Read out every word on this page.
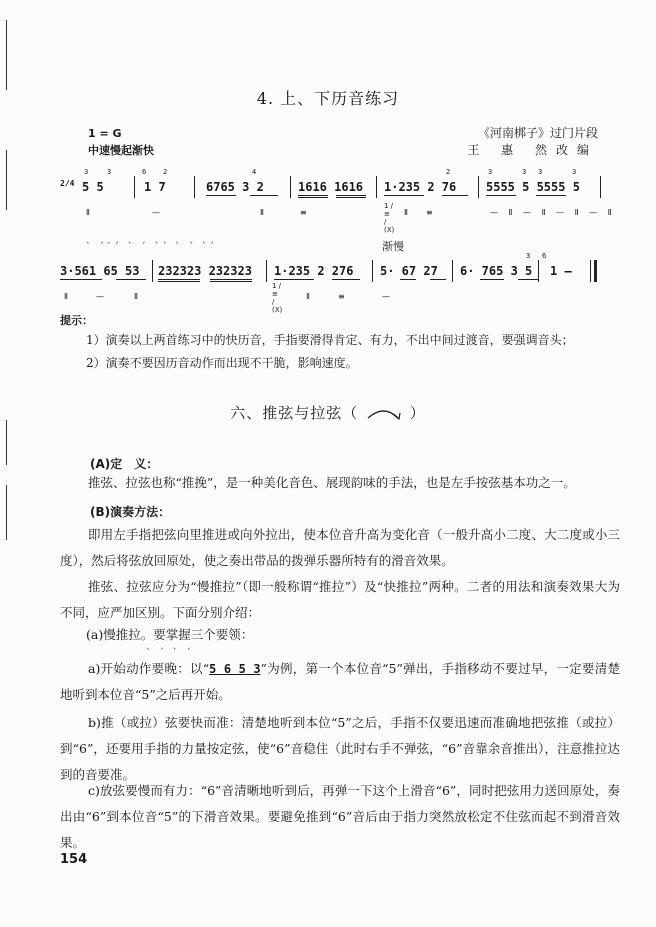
4. 上、下历音练习
1 = G
中速慢起渐快
《河南梆子》过门片段
王 惠 然改编
2/4 5 5
3	3
1 7
6 2
6765 3 2
4
1616 1616 1·235 2 76
2
5555 5 5555 5
3	3 3	3
Ⅱ	—	Ⅱ	≡
1 / ≡ / (X)
Ⅱ ≡	— Ⅱ — Ⅱ — Ⅱ — Ⅱ
渐慢
ˋ ˊˋˊ ˋ ˊ ˋˊ ˋ ˊ ˋˊ
3·561 65 53 232323 232323 1·235 2 276 5· 67 27 6· 765 3 5
3
1 —
6
Ⅱ	—	Ⅱ
1 / ≡ / (X)
Ⅱ	≡	—
提示：
1）演奏以上两首练习中的快历音，手指要滑得肯定、有力，不出中间过渡音，要强调音头；
2）演奏不要因历音动作而出现不干脆，影响速度。
六、推弦与拉弦（	）
(A)定　义：
推弦、拉弦也称“推挽”，是一种美化音色、展现韵味的手法，也是左手按弦基本功之一。
(B)演奏方法：
即用左手指把弦向里推进或向外拉出，使本位音升高为变化音（一般升高小二度、大二度或小三度），然后将弦放回原处，使之奏出带品的拨弹乐器所特有的滑音效果。
推弦、拉弦应分为“慢推拉”（即一般称谓“推拉”）及“快推拉”两种。二者的用法和演奏效果大为不同，应严加区别。下面分别介绍：
(a)慢推拉。要掌握三个要领：
ˋ ˊ ˋ ˊ
a)开始动作要晚：以“5 6 5 3”为例，第一个本位音“5”弹出，手指移动不要过早，一定要清楚地听到本位音“5”之后再开始。
b)推（或拉）弦要快而准：清楚地听到本位“5”之后，手指不仅要迅速而准确地把弦推（或拉）到“6”，还要用手指的力量按定弦，使“6”音稳住（此时右手不弹弦，“6”音靠余音推出），注意推拉达到的音要准。
c)放弦要慢而有力：“6”音清晰地听到后，再弹一下这个上滑音“6”，同时把弦用力送回原处，奏出由“6”到本位音“5”的下滑音效果。要避免推到“6”音后由于指力突然放松定不住弦而起不到滑音效果。
154
